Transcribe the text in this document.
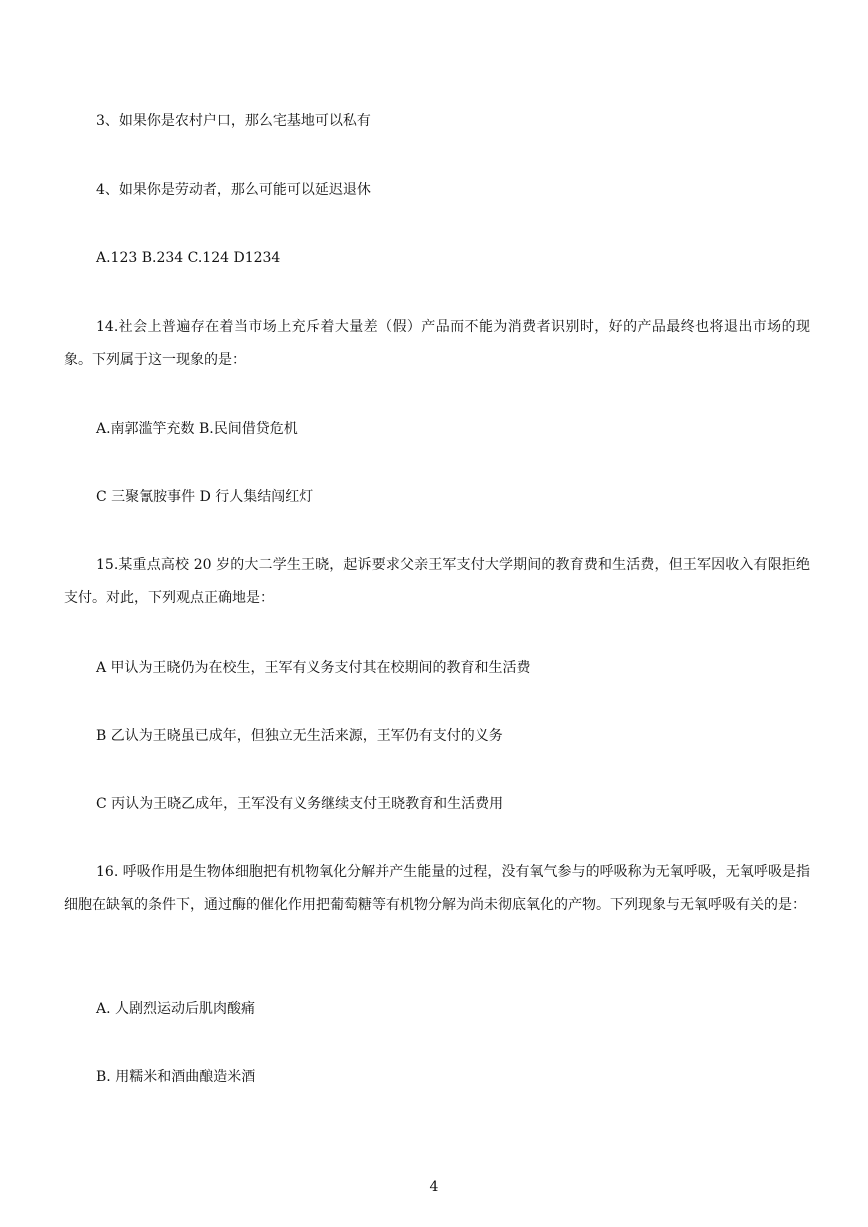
3、如果你是农村户口，那么宅基地可以私有
4、如果你是劳动者，那么可能可以延迟退休
A.123 B.234 C.124 D1234
14.社会上普遍存在着当市场上充斥着大量差（假）产品而不能为消费者识别时，好的产品最终也将退出市场的现象。下列属于这一现象的是：
A.南郭滥竽充数 B.民间借贷危机
C 三聚氰胺事件 D 行人集结闯红灯
15.某重点高校 20 岁的大二学生王晓，起诉要求父亲王军支付大学期间的教育费和生活费，但王军因收入有限拒绝支付。对此，下列观点正确地是：
A 甲认为王晓仍为在校生，王军有义务支付其在校期间的教育和生活费
B 乙认为王晓虽已成年，但独立无生活来源，王军仍有支付的义务
C 丙认为王晓乙成年，王军没有义务继续支付王晓教育和生活费用
16. 呼吸作用是生物体细胞把有机物氧化分解并产生能量的过程，没有氧气参与的呼吸称为无氧呼吸，无氧呼吸是指细胞在缺氧的条件下，通过酶的催化作用把葡萄糖等有机物分解为尚未彻底氧化的产物。下列现象与无氧呼吸有关的是：
A. 人剧烈运动后肌肉酸痛
B. 用糯米和酒曲酿造米酒
4
